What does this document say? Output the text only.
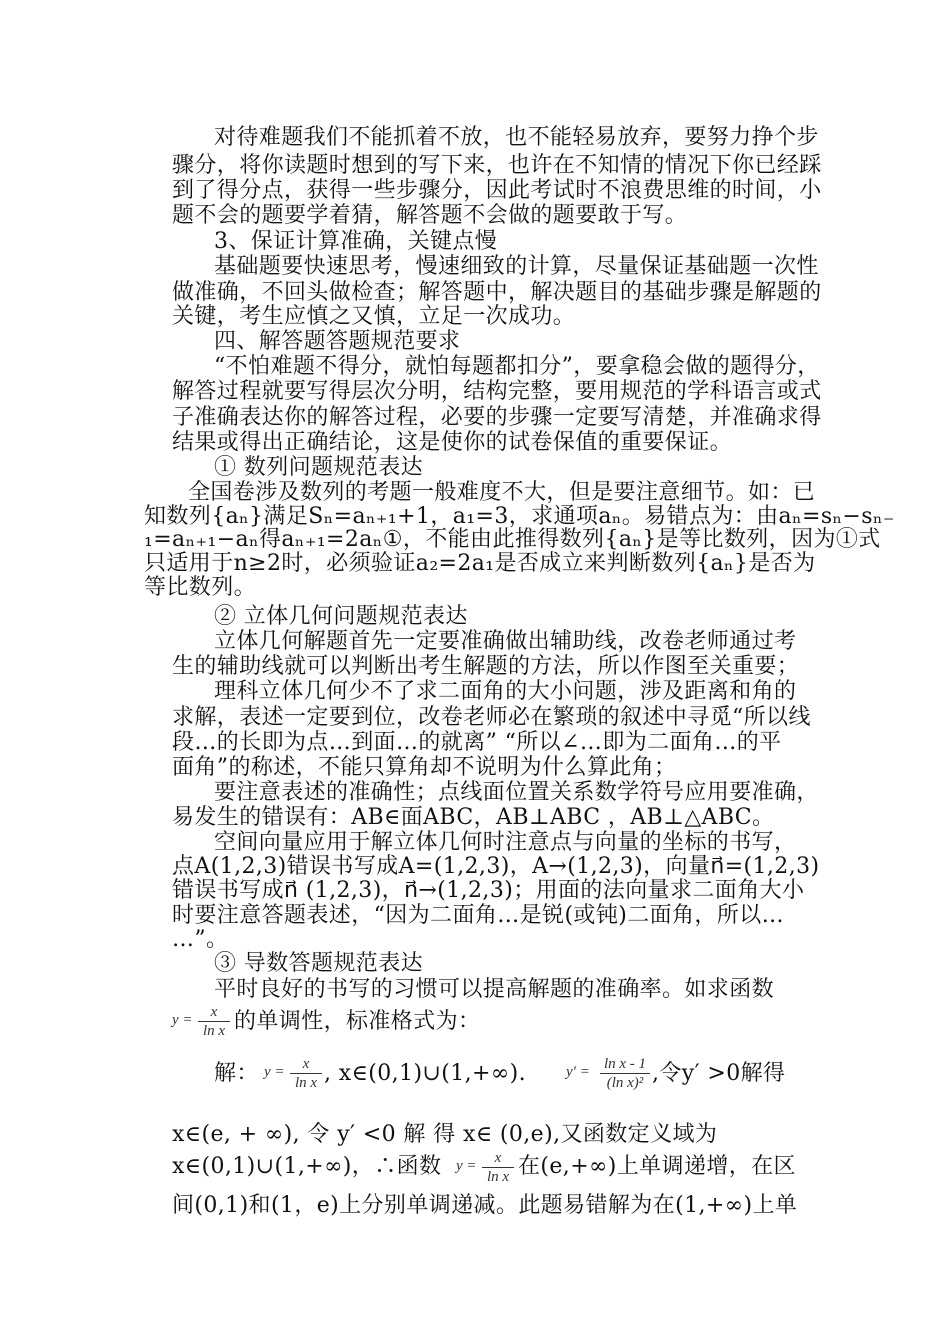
对待难题我们不能抓着不放，也不能轻易放弃，要努力挣个步
骤分，将你读题时想到的写下来，也许在不知情的情况下你已经踩
到了得分点，获得一些步骤分，因此考试时不浪费思维的时间，小
题不会的题要学着猜，解答题不会做的题要敢于写。
3、保证计算准确，关键点慢
基础题要快速思考，慢速细致的计算，尽量保证基础题一次性
做准确，不回头做检查；解答题中，解决题目的基础步骤是解题的
关键，考生应慎之又慎，立足一次成功。
四、解答题答题规范要求
“不怕难题不得分，就怕每题都扣分”，要拿稳会做的题得分，
解答过程就要写得层次分明，结构完整，要用规范的学科语言或式
子准确表达你的解答过程，必要的步骤一定要写清楚，并准确求得
结果或得出正确结论，这是使你的试卷保值的重要保证。
① 数列问题规范表达
全国卷涉及数列的考题一般难度不大，但是要注意细节。如：已
知数列{aₙ}满足Sₙ=aₙ₊₁+1，a₁=3，求通项aₙ。易错点为：由aₙ=sₙ−sₙ₋
₁=aₙ₊₁−aₙ得aₙ₊₁=2aₙ①，不能由此推得数列{aₙ}是等比数列，因为①式
只适用于n≥2时，必须验证a₂=2a₁是否成立来判断数列{aₙ}是否为
等比数列。
② 立体几何问题规范表达
立体几何解题首先一定要准确做出辅助线，改卷老师通过考
生的辅助线就可以判断出考生解题的方法，所以作图至关重要；
理科立体几何少不了求二面角的大小问题，涉及距离和角的
求解，表述一定要到位，改卷老师必在繁琐的叙述中寻觅“所以线
段…的长即为点…到面…的就离” “所以∠…即为二面角…的平
面角”的称述，不能只算角却不说明为什么算此角；
要注意表述的准确性；点线面位置关系数学符号应用要准确，
易发生的错误有：AB∈面ABC，AB⊥ABC ，AB⊥△ABC。
空间向量应用于解立体几何时注意点与向量的坐标的书写，
点A(1,2,3)错误书写成A=(1,2,3)，A→(1,2,3)，向量n⃗=(1,2,3)
错误书写成n⃗ (1,2,3)，n⃗→(1,2,3)；用面的法向量求二面角大小
时要注意答题表述，“因为二面角…是锐(或钝)二面角，所以…
…”。
③ 导数答题规范表达
平时良好的书写的习惯可以提高解题的准确率。如求函数
y =	x
ln x 的单调性，标准格式为：
解： y =	x
ln x , x∈(0,1)∪(1,+∞).	y′ = ln x - 1
(ln x)² ,令y′ >0解得
x∈(e, + ∞), 令 y′ <0 解 得 x∈ (0,e),又函数定义域为
x∈(0,1)∪(1,+∞)，∴函数 y =	x
ln x 在(e,+∞)上单调递增，在区
间(0,1)和(1，e)上分别单调递减。此题易错解为在(1,+∞)上单
